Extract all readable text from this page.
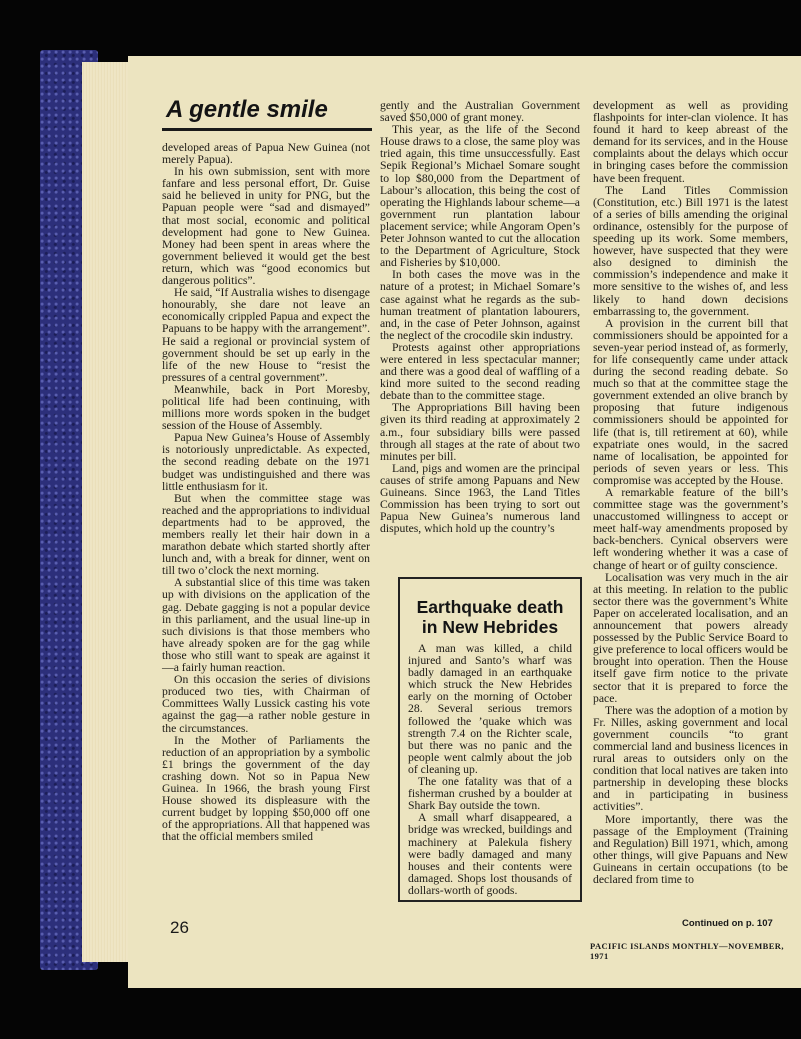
A gentle smile

developed areas of Papua New Guinea (not merely Papua).

In his own submission, sent with more fanfare and less personal effort, Dr. Guise said he believed in unity for PNG, but the Papuan people were “sad and dismayed” that most social, economic and political development had gone to New Guinea. Money had been spent in areas where the government believed it would get the best return, which was “good economics but dangerous politics”.

He said, “If Australia wishes to disengage honourably, she dare not leave an economically crippled Papua and expect the Papuans to be happy with the arrangement”. He said a regional or provincial system of government should be set up early in the life of the new House to “resist the pressures of a central government”.

Meanwhile, back in Port Moresby, political life had been continuing, with millions more words spoken in the budget session of the House of Assembly.

Papua New Guinea’s House of Assembly is notoriously unpredictable. As expected, the second reading debate on the 1971 budget was undistinguished and there was little enthusiasm for it.

But when the committee stage was reached and the appropriations to individual departments had to be approved, the members really let their hair down in a marathon debate which started shortly after lunch and, with a break for dinner, went on till two o’clock the next morning.

A substantial slice of this time was taken up with divisions on the application of the gag. Debate gagging is not a popular device in this parliament, and the usual line-up in such divisions is that those members who have already spoken are for the gag while those who still want to speak are against it—a fairly human reaction.

On this occasion the series of divisions produced two ties, with Chairman of Committees Wally Lussick casting his vote against the gag—a rather noble gesture in the circumstances.

In the Mother of Parliaments the reduction of an appropriation by a symbolic £1 brings the government of the day crashing down. Not so in Papua New Guinea. In 1966, the brash young First House showed its displeasure with the current budget by lopping $50,000 off one of the appropriations. All that happened was that the official members smiled

gently and the Australian Government saved $50,000 of grant money.

This year, as the life of the Second House draws to a close, the same ploy was tried again, this time unsuccessfully. East Sepik Regional’s Michael Somare sought to lop $80,000 from the Department of Labour’s allocation, this being the cost of operating the Highlands labour scheme—a government run plantation labour placement service; while Angoram Open’s Peter Johnson wanted to cut the allocation to the Department of Agriculture, Stock and Fisheries by $10,000.

In both cases the move was in the nature of a protest; in Michael Somare’s case against what he regards as the sub-human treatment of plantation labourers, and, in the case of Peter Johnson, against the neglect of the crocodile skin industry.

Protests against other appropriations were entered in less spectacular manner; and there was a good deal of waffling of a kind more suited to the second reading debate than to the committee stage.

The Appropriations Bill having been given its third reading at approximately 2 a.m., four subsidiary bills were passed through all stages at the rate of about two minutes per bill.

Land, pigs and women are the principal causes of strife among Papuans and New Guineans. Since 1963, the Land Titles Commission has been trying to sort out Papua New Guinea’s numerous land disputes, which hold up the country’s

development as well as providing flashpoints for inter-clan violence. It has found it hard to keep abreast of the demand for its services, and in the House complaints about the delays which occur in bringing cases before the commission have been frequent.

The Land Titles Commission (Constitution, etc.) Bill 1971 is the latest of a series of bills amending the original ordinance, ostensibly for the purpose of speeding up its work. Some members, however, have suspected that they were also designed to diminish the commission’s independence and make it more sensitive to the wishes of, and less likely to hand down decisions embarrassing to, the government.

A provision in the current bill that commissioners should be appointed for a seven-year period instead of, as formerly, for life consequently came under attack during the second reading debate. So much so that at the committee stage the government extended an olive branch by proposing that future indigenous commissioners should be appointed for life (that is, till retirement at 60), while expatriate ones would, in the sacred name of localisation, be appointed for periods of seven years or less. This compromise was accepted by the House.

A remarkable feature of the bill’s committee stage was the government’s unaccustomed willingness to accept or meet half-way amendments proposed by back-benchers. Cynical observers were left wondering whether it was a case of change of heart or of guilty conscience.

Localisation was very much in the air at this meeting. In relation to the public sector there was the government’s White Paper on accelerated localisation, and an announcement that powers already possessed by the Public Service Board to give preference to local officers would be brought into operation. Then the House itself gave firm notice to the private sector that it is prepared to force the pace.

There was the adoption of a motion by Fr. Nilles, asking government and local government councils “to grant commercial land and business licences in rural areas to outsiders only on the condition that local natives are taken into partnership in developing these blocks and in participating in business activities”.

More importantly, there was the passage of the Employment (Training and Regulation) Bill 1971, which, among other things, will give Papuans and New Guineans in certain occupations (to be declared from time to

Earthquake death in New Hebrides

A man was killed, a child injured and Santo’s wharf was badly damaged in an earthquake which struck the New Hebrides early on the morning of October 28. Several serious tremors followed the ’quake which was strength 7.4 on the Richter scale, but there was no panic and the people went calmly about the job of cleaning up.

The one fatality was that of a fisherman crushed by a boulder at Shark Bay outside the town.

A small wharf disappeared, a bridge was wrecked, buildings and machinery at Palekula fishery were badly damaged and many houses and their contents were damaged. Shops lost thousands of dollars-worth of goods.

26	Continued on p. 107
PACIFIC ISLANDS MONTHLY—NOVEMBER, 1971
